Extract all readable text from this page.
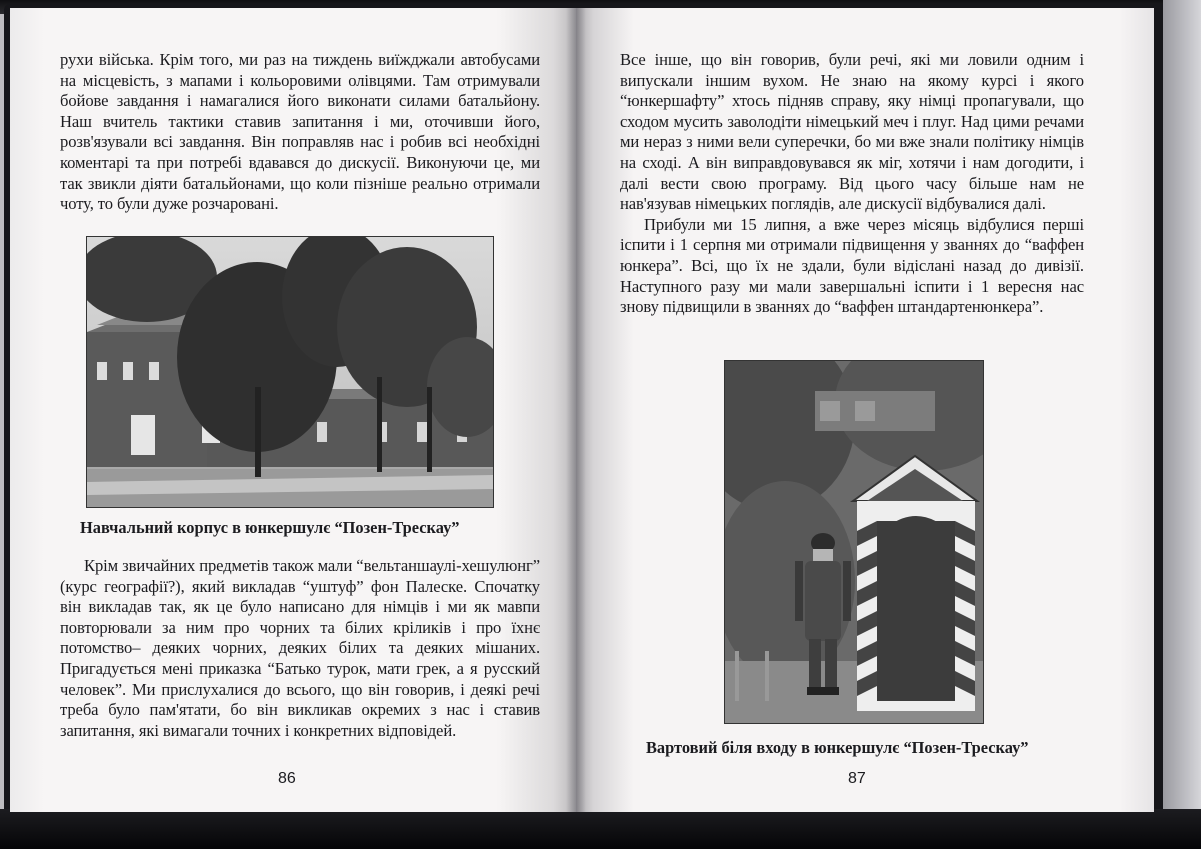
рухи війська. Крім того, ми раз на тиждень виїжджали автобусами на місцевість, з мапами і кольоровими олівцями. Там отримували бойове завдання і намагалися його виконати силами батальйону. Наш вчитель тактики ставив запитання і ми, оточивши його, розв'язували всі завдання. Він поправляв нас і робив всі необхідні коментарі та при потребі вдавався до дискусії. Виконуючи це, ми так звикли діяти батальйонами, що коли пізніше реально отримали чоту, то були дуже розчаровані.

Навчальний корпус в юнкершулє “Позен-Трескау”

Крім звичайних предметів також мали “вельтаншаулі-хешулюнг” (курс географії?), який викладав “уштуф” фон Палеске. Спочатку він викладав так, як це було написано для німців і ми як мавпи повторювали за ним про чорних та білих кріликів і про їхнє потомство– деяких чорних, деяких білих та деяких мішаних. Пригадується мені приказка “Батько турок, мати грек, а я русский человек”. Ми прислухалися до всього, що він говорив, і деякі речі треба було пам'ятати, бо він викликав окремих з нас і ставив запитання, які вимагали точних і конкретних відповідей.

86

Все інше, що він говорив, були речі, які ми ловили одним і випускали іншим вухом. Не знаю на якому курсі і якого “юнкершафту” хтось підняв справу, яку німці пропагували, що сходом мусить заволодіти німецький меч і плуг. Над цими речами ми нераз з ними вели суперечки, бо ми вже знали політику німців на сході. А він виправдовувався як міг, хотячи і нам догодити, і далі вести свою програму. Від цього часу більше нам не нав'язував німецьких поглядів, але дискусії відбувалися далі.

Прибули ми 15 липня, а вже через місяць відбулися перші іспити і 1 серпня ми отримали підвищення у званнях до “ваффен юнкера”. Всі, що їх не здали, були відіслані назад до дивізії. Наступного разу ми мали завершальні іспити і 1 вересня нас знову підвищили в званнях до “ваффен штандартенюнкера”.

Вартовий біля входу в юнкершулє “Позен-Трескау”
87
